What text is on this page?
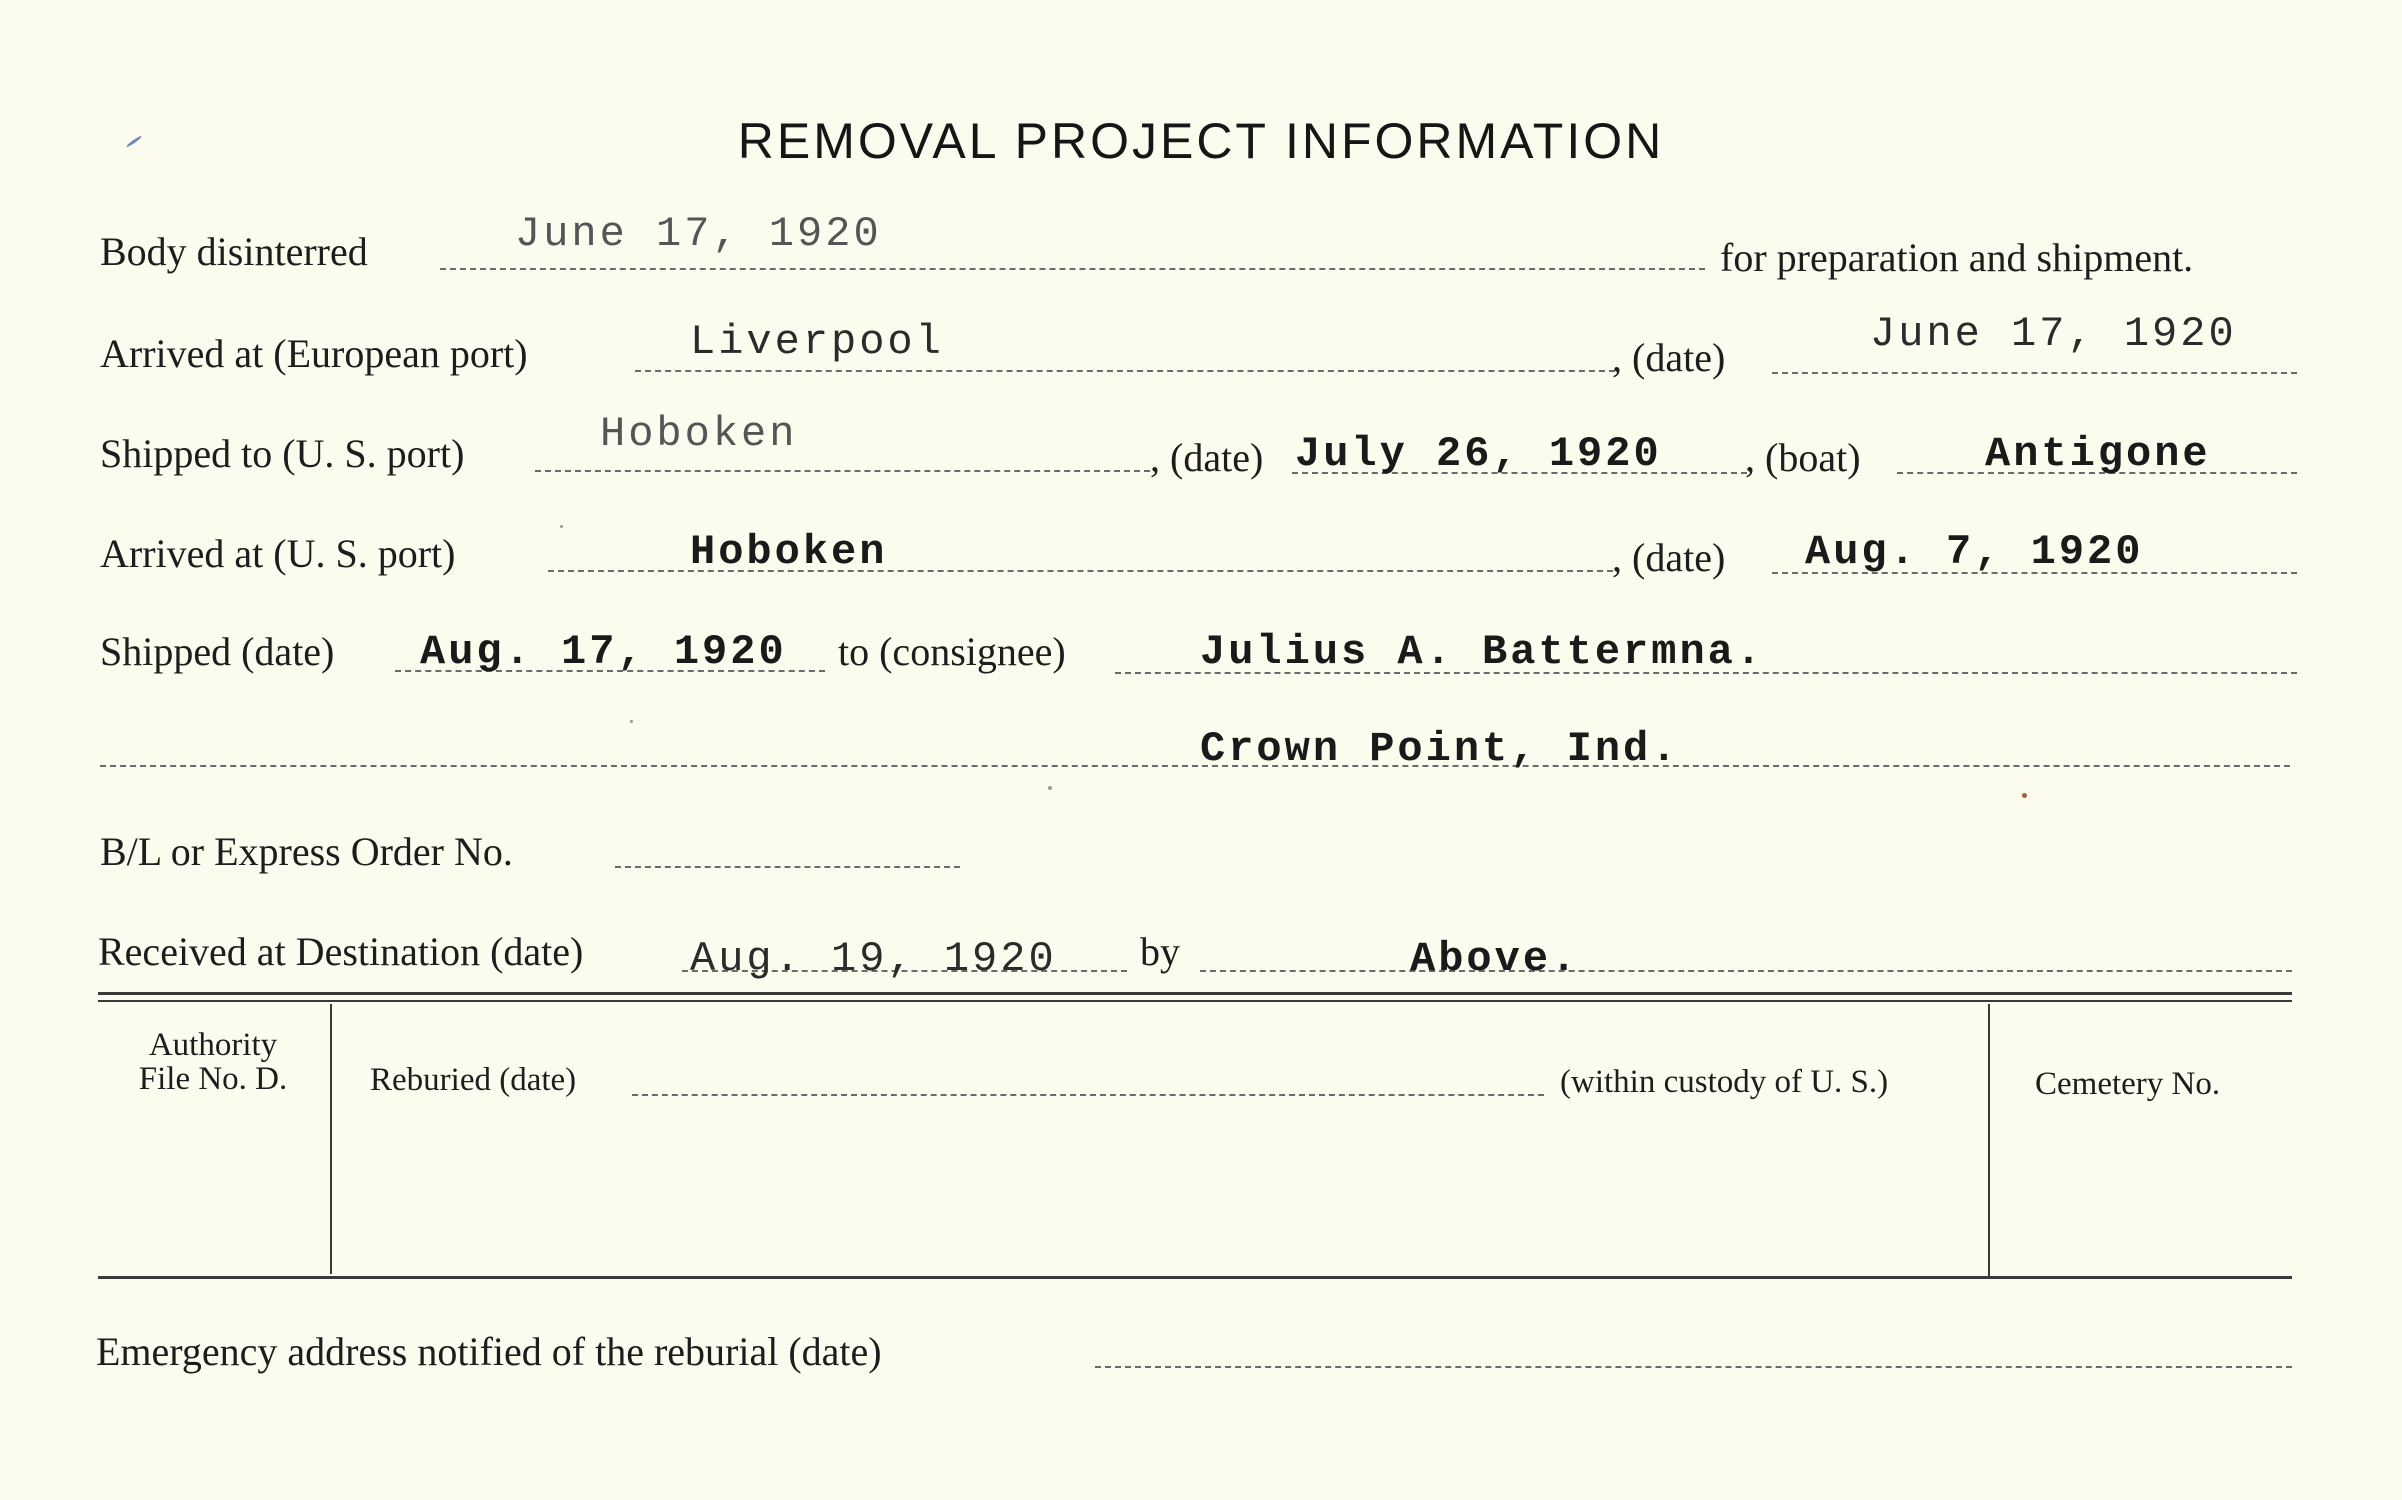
REMOVAL PROJECT INFORMATION
Body disinterred	June 17, 1920	for preparation and shipment.
Arrived at (European port)	Liverpool	, (date)	June 17, 1920
Shipped to (U. S. port)	Hoboken	, (date) July 26, 1920 , (boat)	Antigone
Arrived at (U. S. port)	Hoboken	, (date) Aug. 7, 1920
Shipped (date) Aug. 17, 1920 to (consignee)	Julius A. Battermna.
Crown Point, Ind.
B/L or Express Order No.
Received at Destination (date)	Aug. 19, 1920 by	Above.
Authority
File No. D.	Reburied (date)	(within custody of U. S.)	Cemetery No.
Emergency address notified of the reburial (date)
